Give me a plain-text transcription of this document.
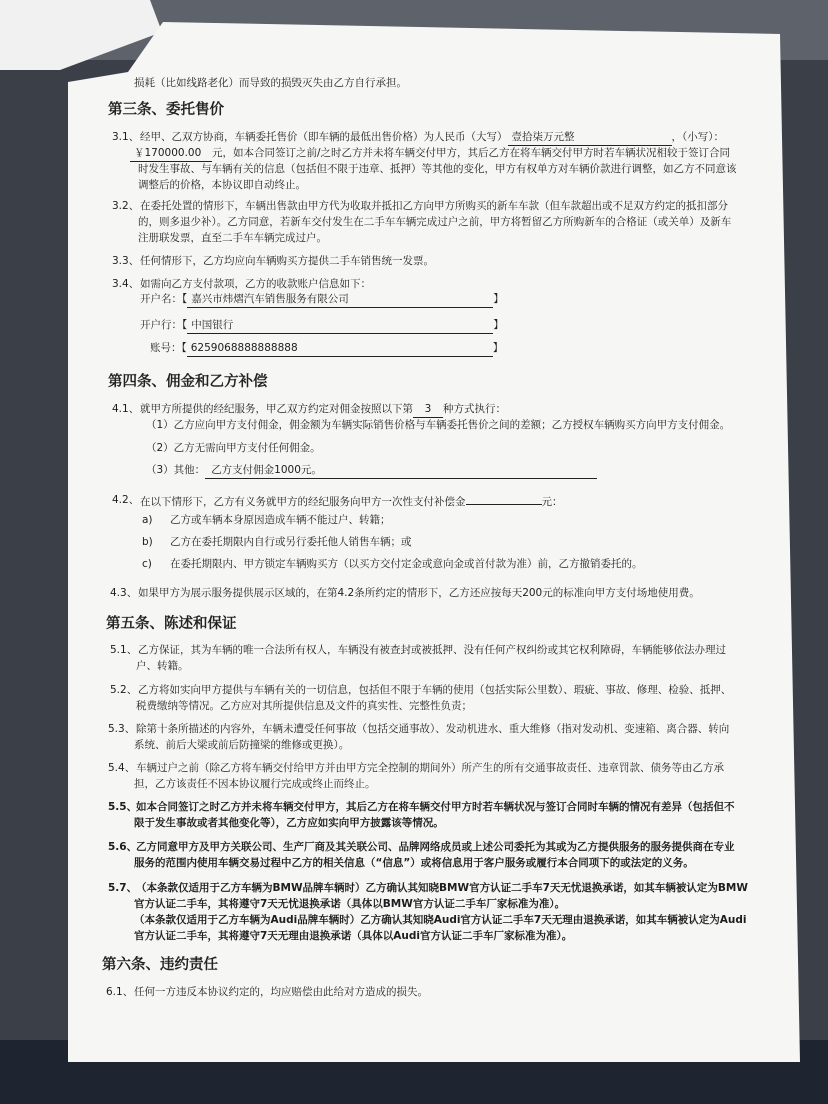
损耗（比如线路老化）而导致的损毁灭失由乙方自行承担。
第三条、委托售价
3.1、 经甲、乙双方协商，车辆委托售价（即车辆的最低出售价格）为人民币（大写） 壹拾柒万元整	，（小写）：
￥170000.00 元，如本合同签订之前/之时乙方并未将车辆交付甲方，其后乙方在将车辆交付甲方时若车辆状况相较于签订合同
时发生事故、与车辆有关的信息（包括但不限于违章、抵押）等其他的变化，甲方有权单方对车辆价款进行调整，如乙方不同意该
调整后的价格，本协议即自动终止。
3.2、 在委托处置的情形下，车辆出售款由甲方代为收取并抵扣乙方向甲方所购买的新车车款（但车款超出或不足双方约定的抵扣部分
的，则多退少补）。乙方同意，若新车交付发生在二手车车辆完成过户之前，甲方将暂留乙方所购新车的合格证（或关单）及新车
注册联发票，直至二手车车辆完成过户。
3.3、 任何情形下，乙方均应向车辆购买方提供二手车销售统一发票。
3.4、 如需向乙方支付款项，乙方的收款账户信息如下：
开户名：【 嘉兴市炜熠汽车销售服务有限公司	】
开户行：【 中国银行	】
账号：【 6259068888888888	】
第四条、佣金和乙方补偿
4.1、 就甲方所提供的经纪服务，甲乙双方约定对佣金按照以下第 3 种方式执行：
（1）乙方应向甲方支付佣金，佣金额为车辆实际销售价格与车辆委托售价之间的差额；乙方授权车辆购买方向甲方支付佣金。
（2）乙方无需向甲方支付任何佣金。
（3）其他： 乙方支付佣金1000元。
4.2、 在以下情形下，乙方有义务就甲方的经纪服务向甲方一次性支付补偿金	元：
a) 乙方或车辆本身原因造成车辆不能过户、转籍；
b) 乙方在委托期限内自行或另行委托他人销售车辆；或
c) 在委托期限内、甲方锁定车辆购买方（以买方交付定金或意向金或首付款为准）前，乙方撤销委托的。
4.3、 如果甲方为展示服务提供展示区域的，在第4.2条所约定的情形下，乙方还应按每天200元的标准向甲方支付场地使用费。
第五条、陈述和保证
5.1、 乙方保证，其为车辆的唯一合法所有权人，车辆没有被查封或被抵押、没有任何产权纠纷或其它权利障碍，车辆能够依法办理过
户、转籍。
5.2、 乙方将如实向甲方提供与车辆有关的一切信息，包括但不限于车辆的使用（包括实际公里数）、瑕疵、事故、修理、检验、抵押、
税费缴纳等情况。乙方应对其所提供信息及文件的真实性、完整性负责；
5.3、 除第十条所描述的内容外，车辆未遭受任何事故（包括交通事故）、发动机进水、重大维修（指对发动机、变速箱、离合器、转向
系统、前后大梁或前后防撞梁的维修或更换）。
5.4、 车辆过户之前（除乙方将车辆交付给甲方并由甲方完全控制的期间外）所产生的所有交通事故责任、违章罚款、债务等由乙方承
担，乙方该责任不因本协议履行完成或终止而终止。
5.5、
如本合同签订之时乙方并未将车辆交付甲方，其后乙方在将车辆交付甲方时若车辆状况与签订合同时车辆的情况有差异（包括但不
限于发生事故或者其他变化等），乙方应如实向甲方披露该等情况。
5.6、
乙方同意甲方及甲方关联公司、生产厂商及其关联公司、品牌网络成员或上述公司委托为其或为乙方提供服务的服务提供商在专业
服务的范围内使用车辆交易过程中乙方的相关信息（“信息”）或将信息用于客户服务或履行本合同项下的或法定的义务。
5.7、
（本条款仅适用于乙方车辆为BMW品牌车辆时）乙方确认其知晓BMW官方认证二手车7天无忧退换承诺，如其车辆被认定为BMW
官方认证二手车，其将遵守7天无忧退换承诺（具体以BMW官方认证二手车厂家标准为准）。
（本条款仅适用于乙方车辆为Audi品牌车辆时）乙方确认其知晓Audi官方认证二手车7天无理由退换承诺，如其车辆被认定为Audi
官方认证二手车，其将遵守7天无理由退换承诺（具体以Audi官方认证二手车厂家标准为准）。
第六条、违约责任
6.1、 任何一方违反本协议约定的，均应赔偿由此给对方造成的损失。
